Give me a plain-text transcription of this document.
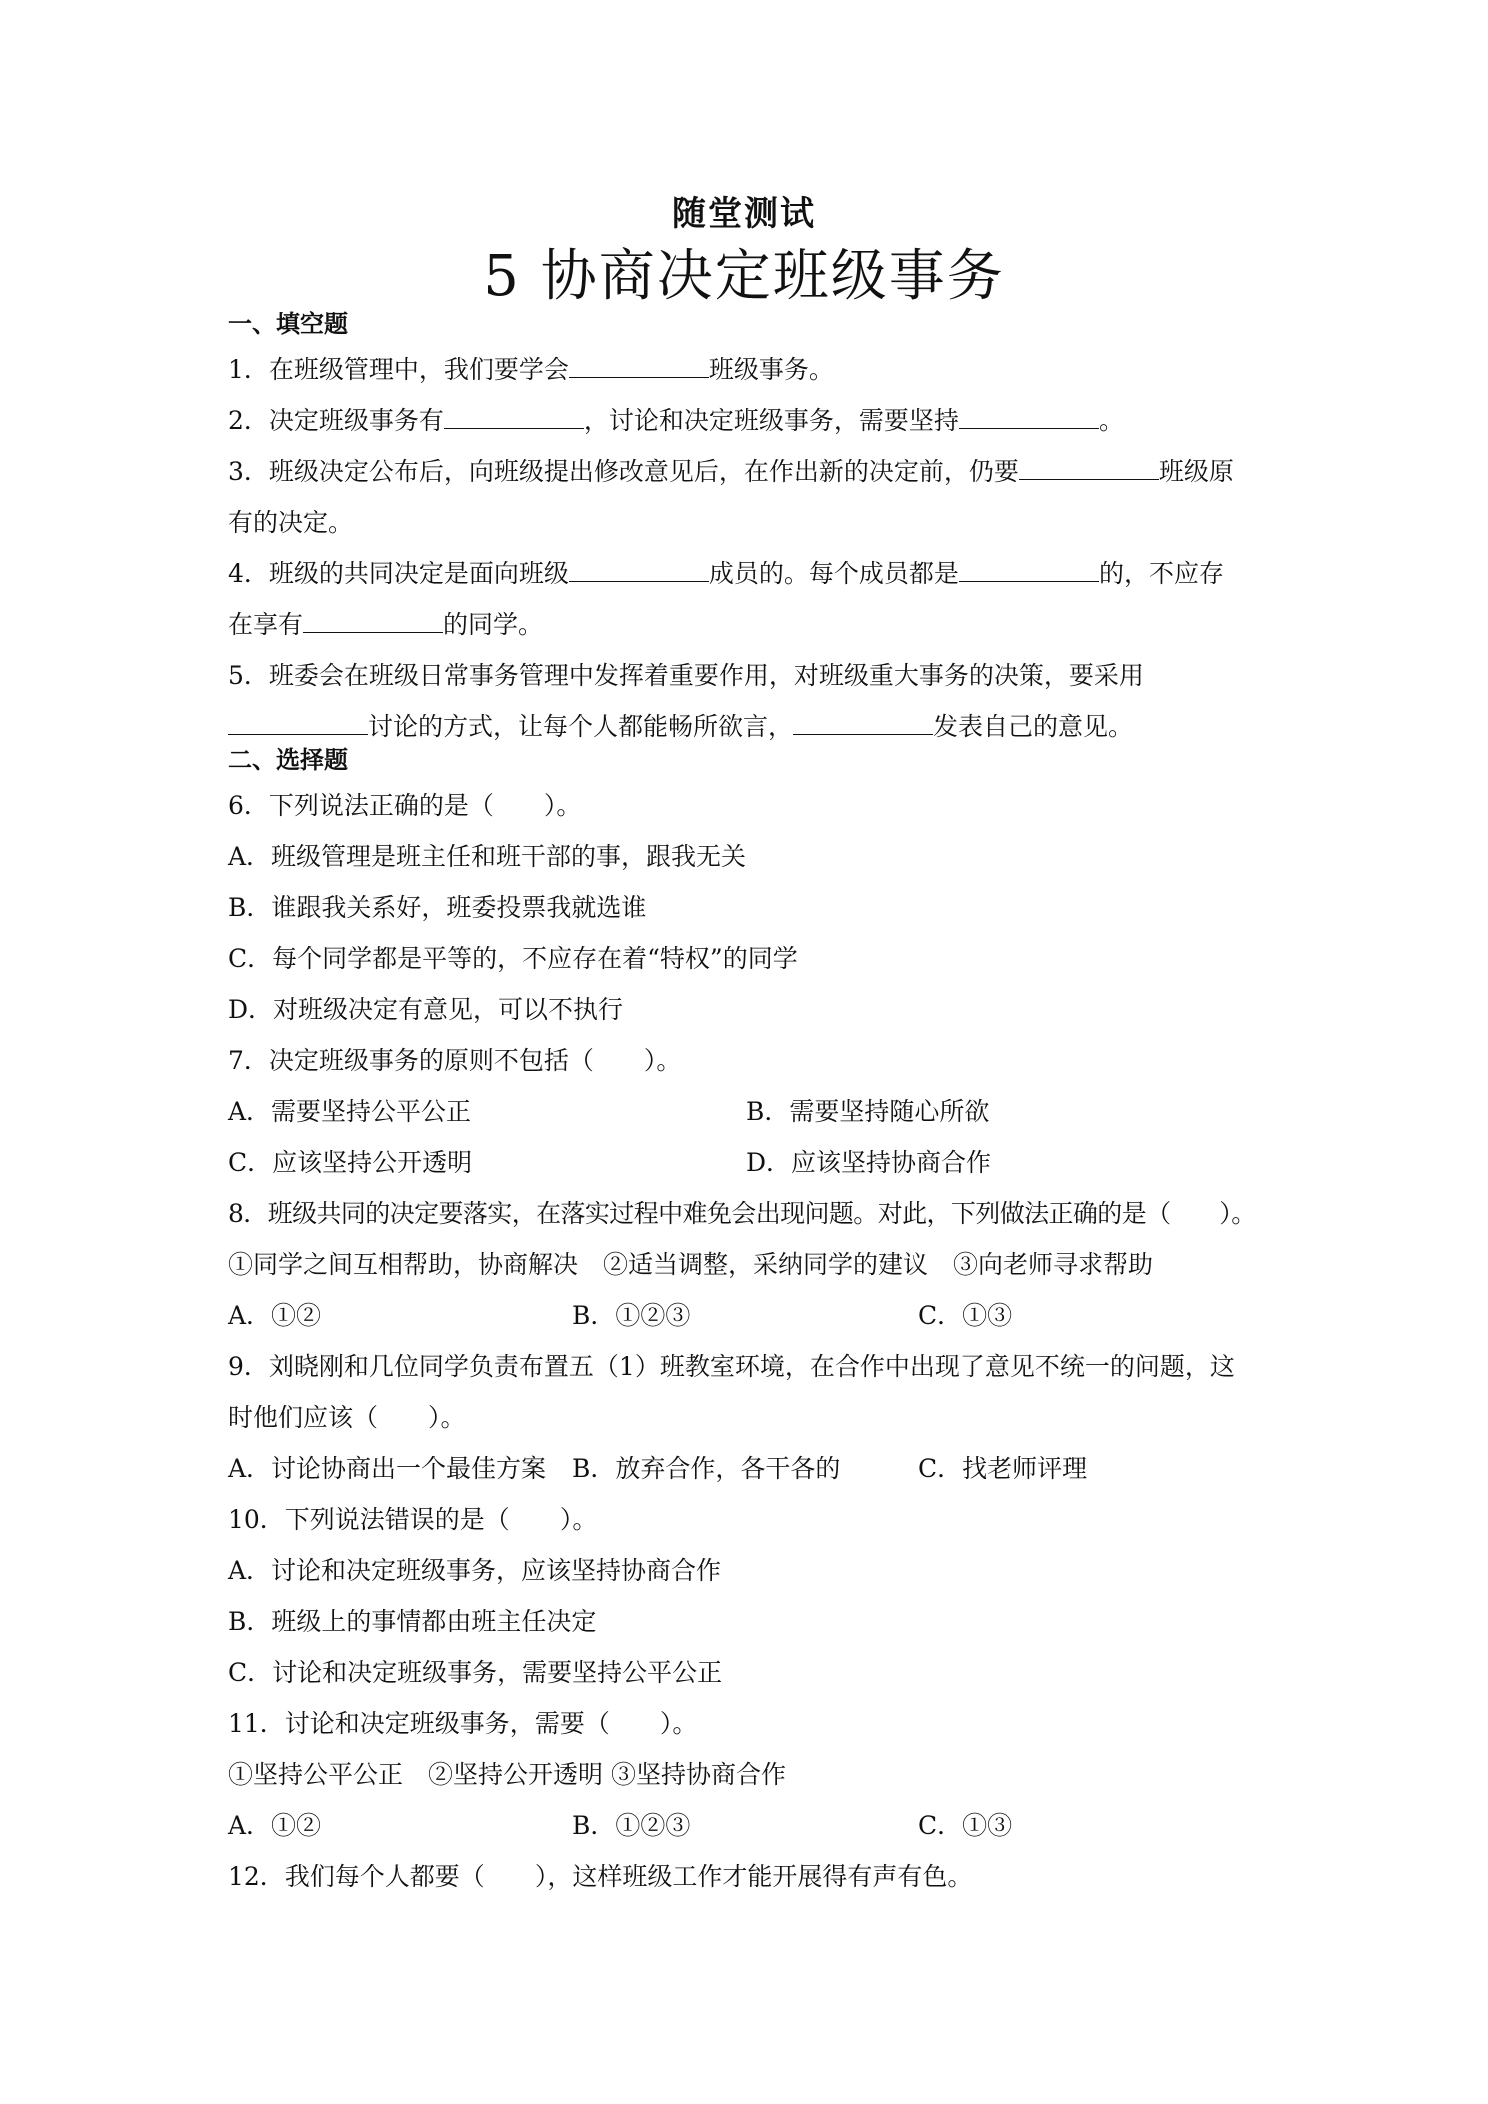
随堂测试
5 协商决定班级事务
一、填空题
1．在班级管理中，我们要学会	班级事务。
2．决定班级事务有	，讨论和决定班级事务，需要坚持	。
3．班级决定公布后，向班级提出修改意见后，在作出新的决定前，仍要	班级原
有的决定。
4．班级的共同决定是面向班级	成员的。每个成员都是	的，不应存
在享有	的同学。
5．班委会在班级日常事务管理中发挥着重要作用，对班级重大事务的决策，要采用
讨论的方式，让每个人都能畅所欲言，	发表自己的意见。
二、选择题
6．下列说法正确的是（　　）。
A．班级管理是班主任和班干部的事，跟我无关
B．谁跟我关系好，班委投票我就选谁
C．每个同学都是平等的，不应存在着“特权”的同学
D．对班级决定有意见，可以不执行
7．决定班级事务的原则不包括（　　）。
A．需要坚持公平公正	B．需要坚持随心所欲
C．应该坚持公开透明	D．应该坚持协商合作
8．班级共同的决定要落实，在落实过程中难免会出现问题。对此，下列做法正确的是（　　）。
①同学之间互相帮助，协商解决　②适当调整，采纳同学的建议　③向老师寻求帮助
A．①②	B．①②③	C．①③
9．刘晓刚和几位同学负责布置五（1）班教室环境，在合作中出现了意见不统一的问题，这
时他们应该（　　）。
A．讨论协商出一个最佳方案 B．放弃合作，各干各的	C．找老师评理
10．下列说法错误的是（　　）。
A．讨论和决定班级事务，应该坚持协商合作
B．班级上的事情都由班主任决定
C．讨论和决定班级事务，需要坚持公平公正
11．讨论和决定班级事务，需要（　　）。
①坚持公平公正　②坚持公开透明 ③坚持协商合作
A．①②	B．①②③	C．①③
12．我们每个人都要（　　），这样班级工作才能开展得有声有色。
